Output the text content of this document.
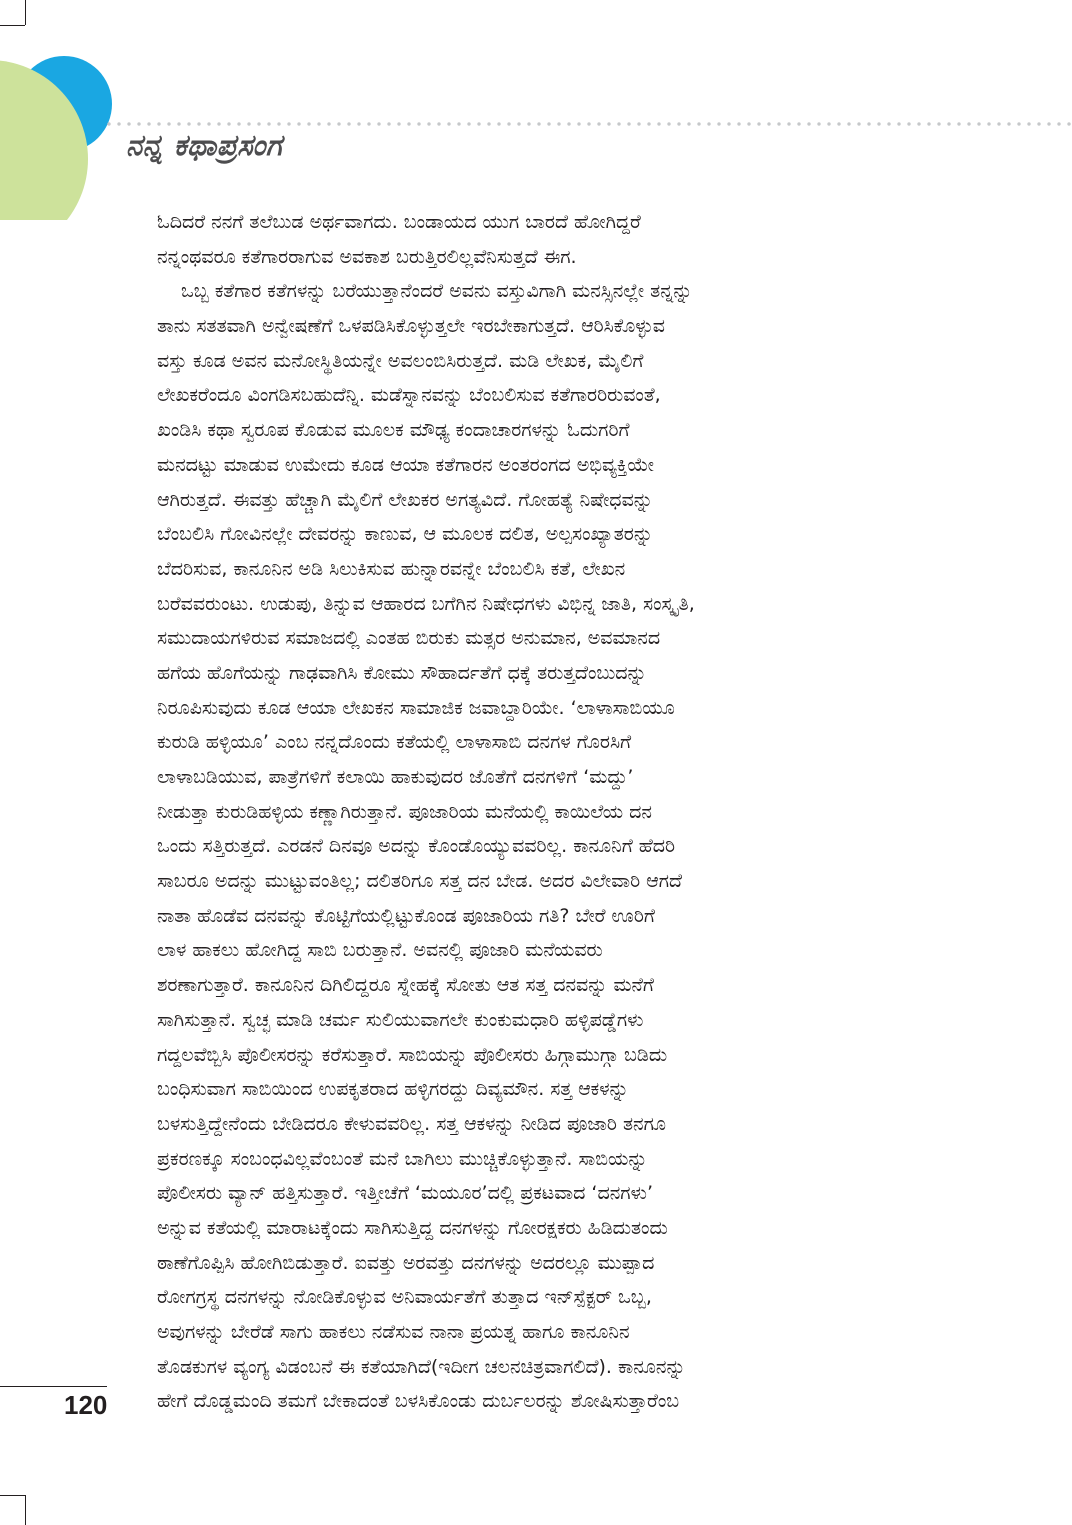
ನನ್ನ ಕಥಾಪ್ರಸಂಗ
ಓದಿದರೆ ನನಗೆ ತಲೆಬುಡ ಅರ್ಥವಾಗದು. ಬಂಡಾಯದ ಯುಗ ಬಾರದೆ ಹೋಗಿದ್ದರೆ
ನನ್ನಂಥವರೂ ಕತೆಗಾರರಾಗುವ ಅವಕಾಶ ಬರುತ್ತಿರಲಿಲ್ಲವೆನಿಸುತ್ತದೆ ಈಗ.
ಒಬ್ಬ ಕತೆಗಾರ ಕತೆಗಳನ್ನು ಬರೆಯುತ್ತಾನೆಂದರೆ ಅವನು ವಸ್ತುವಿಗಾಗಿ ಮನಸ್ಸಿನಲ್ಲೇ ತನ್ನನ್ನು
ತಾನು ಸತತವಾಗಿ ಅನ್ವೇಷಣೆಗೆ ಒಳಪಡಿಸಿಕೊಳ್ಳುತ್ತಲೇ ಇರಬೇಕಾಗುತ್ತದೆ. ಆರಿಸಿಕೊಳ್ಳುವ
ವಸ್ತು ಕೂಡ ಅವನ ಮನೋಸ್ಥಿತಿಯನ್ನೇ ಅವಲಂಬಿಸಿರುತ್ತದೆ. ಮಡಿ ಲೇಖಕ, ಮೈಲಿಗೆ
ಲೇಖಕರೆಂದೂ ವಿಂಗಡಿಸಬಹುದೆನ್ನಿ. ಮಡೆಸ್ನಾನವನ್ನು ಬೆಂಬಲಿಸುವ ಕತೆಗಾರರಿರುವಂತೆ,
ಖಂಡಿಸಿ ಕಥಾ ಸ್ವರೂಪ ಕೊಡುವ ಮೂಲಕ ಮೌಢ್ಯ ಕಂದಾಚಾರಗಳನ್ನು ಓದುಗರಿಗೆ
ಮನದಟ್ಟು ಮಾಡುವ ಉಮೇದು ಕೂಡ ಆಯಾ ಕತೆಗಾರನ ಅಂತರಂಗದ ಅಭಿವ್ಯಕ್ತಿಯೇ
ಆಗಿರುತ್ತದೆ. ಈವತ್ತು ಹೆಚ್ಚಾಗಿ ಮೈಲಿಗೆ ಲೇಖಕರ ಅಗತ್ಯವಿದೆ. ಗೋಹತ್ಯೆ ನಿಷೇಧವನ್ನು
ಬೆಂಬಲಿಸಿ ಗೋವಿನಲ್ಲೇ ದೇವರನ್ನು ಕಾಣುವ, ಆ ಮೂಲಕ ದಲಿತ, ಅಲ್ಪಸಂಖ್ಯಾತರನ್ನು
ಬೆದರಿಸುವ, ಕಾನೂನಿನ ಅಡಿ ಸಿಲುಕಿಸುವ ಹುನ್ನಾರವನ್ನೇ ಬೆಂಬಲಿಸಿ ಕತೆ, ಲೇಖನ
ಬರೆವವರುಂಟು. ಉಡುಪು, ತಿನ್ನುವ ಆಹಾರದ ಬಗೆಗಿನ ನಿಷೇಧಗಳು ವಿಭಿನ್ನ ಜಾತಿ, ಸಂಸ್ಕೃತಿ,
ಸಮುದಾಯಗಳಿರುವ ಸಮಾಜದಲ್ಲಿ ಎಂತಹ ಬಿರುಕು ಮತ್ಸರ ಅನುಮಾನ, ಅವಮಾನದ
ಹಗೆಯ ಹೊಗೆಯನ್ನು ಗಾಢವಾಗಿಸಿ ಕೋಮು ಸೌಹಾರ್ದತೆಗೆ ಧಕ್ಕೆ ತರುತ್ತದೆಂಬುದನ್ನು
ನಿರೂಪಿಸುವುದು ಕೂಡ ಆಯಾ ಲೇಖಕನ ಸಾಮಾಜಿಕ ಜವಾಬ್ದಾರಿಯೇ. ‘ಲಾಳಾಸಾಬಿಯೂ
ಕುರುಡಿ ಹಳ್ಳಿಯೂ’ ಎಂಬ ನನ್ನದೊಂದು ಕತೆಯಲ್ಲಿ ಲಾಳಾಸಾಬಿ ದನಗಳ ಗೊರಸಿಗೆ
ಲಾಳಾಬಡಿಯುವ, ಪಾತ್ರೆಗಳಿಗೆ ಕಲಾಯಿ ಹಾಕುವುದರ ಜೊತೆಗೆ ದನಗಳಿಗೆ ‘ಮದ್ದು’
ನೀಡುತ್ತಾ ಕುರುಡಿಹಳ್ಳಿಯ ಕಣ್ಣಾಗಿರುತ್ತಾನೆ. ಪೂಜಾರಿಯ ಮನೆಯಲ್ಲಿ ಕಾಯಿಲೆಯ ದನ
ಒಂದು ಸತ್ತಿರುತ್ತದೆ. ಎರಡನೆ ದಿನವೂ ಅದನ್ನು ಕೊಂಡೊಯ್ಯುವವರಿಲ್ಲ. ಕಾನೂನಿಗೆ ಹೆದರಿ
ಸಾಬರೂ ಅದನ್ನು ಮುಟ್ಟುವಂತಿಲ್ಲ; ದಲಿತರಿಗೂ ಸತ್ತ ದನ ಬೇಡ. ಅದರ ವಿಲೇವಾರಿ ಆಗದೆ
ನಾತಾ ಹೊಡೆವ ದನವನ್ನು ಕೊಟ್ಟಿಗೆಯಲ್ಲಿಟ್ಟುಕೊಂಡ ಪೂಜಾರಿಯ ಗತಿ? ಬೇರೆ ಊರಿಗೆ
ಲಾಳ ಹಾಕಲು ಹೋಗಿದ್ದ ಸಾಬಿ ಬರುತ್ತಾನೆ. ಅವನಲ್ಲಿ ಪೂಜಾರಿ ಮನೆಯವರು
ಶರಣಾಗುತ್ತಾರೆ. ಕಾನೂನಿನ ದಿಗಿಲಿದ್ದರೂ ಸ್ನೇಹಕ್ಕೆ ಸೋತು ಆತ ಸತ್ತ ದನವನ್ನು ಮನೆಗೆ
ಸಾಗಿಸುತ್ತಾನೆ. ಸ್ವಚ್ಛ ಮಾಡಿ ಚರ್ಮ ಸುಲಿಯುವಾಗಲೇ ಕುಂಕುಮಧಾರಿ ಹಳ್ಳಿಪಡ್ಡೆಗಳು
ಗದ್ದಲವೆಬ್ಬಿಸಿ ಪೊಲೀಸರನ್ನು ಕರೆಸುತ್ತಾರೆ. ಸಾಬಿಯನ್ನು ಪೊಲೀಸರು ಹಿಗ್ಗಾಮುಗ್ಗಾ ಬಡಿದು
ಬಂಧಿಸುವಾಗ ಸಾಬಿಯಿಂದ ಉಪಕೃತರಾದ ಹಳ್ಳಿಗರದ್ದು ದಿವ್ಯಮೌನ. ಸತ್ತ ಆಕಳನ್ನು
ಬಳಸುತ್ತಿದ್ದೇನೆಂದು ಬೇಡಿದರೂ ಕೇಳುವವರಿಲ್ಲ. ಸತ್ತ ಆಕಳನ್ನು ನೀಡಿದ ಪೂಜಾರಿ ತನಗೂ
ಪ್ರಕರಣಕ್ಕೂ ಸಂಬಂಧವಿಲ್ಲವೆಂಬಂತೆ ಮನೆ ಬಾಗಿಲು ಮುಚ್ಚಿಕೊಳ್ಳುತ್ತಾನೆ. ಸಾಬಿಯನ್ನು
ಪೊಲೀಸರು ವ್ಯಾನ್ ಹತ್ತಿಸುತ್ತಾರೆ. ಇತ್ತೀಚೆಗೆ ‘ಮಯೂರ’ದಲ್ಲಿ ಪ್ರಕಟವಾದ ‘ದನಗಳು’
ಅನ್ನುವ ಕತೆಯಲ್ಲಿ ಮಾರಾಟಕ್ಕೆಂದು ಸಾಗಿಸುತ್ತಿದ್ದ ದನಗಳನ್ನು ಗೋರಕ್ಷಕರು ಹಿಡಿದುತಂದು
ಠಾಣೆಗೊಪ್ಪಿಸಿ ಹೋಗಿಬಿಡುತ್ತಾರೆ. ಐವತ್ತು ಅರವತ್ತು ದನಗಳನ್ನು ಅದರಲ್ಲೂ ಮುಪ್ಪಾದ
ರೋಗಗ್ರಸ್ಥ ದನಗಳನ್ನು ನೋಡಿಕೊಳ್ಳುವ ಅನಿವಾರ್ಯತೆಗೆ ತುತ್ತಾದ ಇನ್‌ಸ್ಪೆಕ್ಟರ್ ಒಬ್ಬ,
ಅವುಗಳನ್ನು ಬೇರೆಡೆ ಸಾಗು ಹಾಕಲು ನಡೆಸುವ ನಾನಾ ಪ್ರಯತ್ನ ಹಾಗೂ ಕಾನೂನಿನ
ತೊಡಕುಗಳ ವ್ಯಂಗ್ಯ ವಿಡಂಬನೆ ಈ ಕತೆಯಾಗಿದೆ(ಇದೀಗ ಚಲನಚಿತ್ರವಾಗಲಿದೆ). ಕಾನೂನನ್ನು
ಹೇಗೆ ದೊಡ್ಡಮಂದಿ ತಮಗೆ ಬೇಕಾದಂತೆ ಬಳಸಿಕೊಂಡು ದುರ್ಬಲರನ್ನು ಶೋಷಿಸುತ್ತಾರೆಂಬ
120
